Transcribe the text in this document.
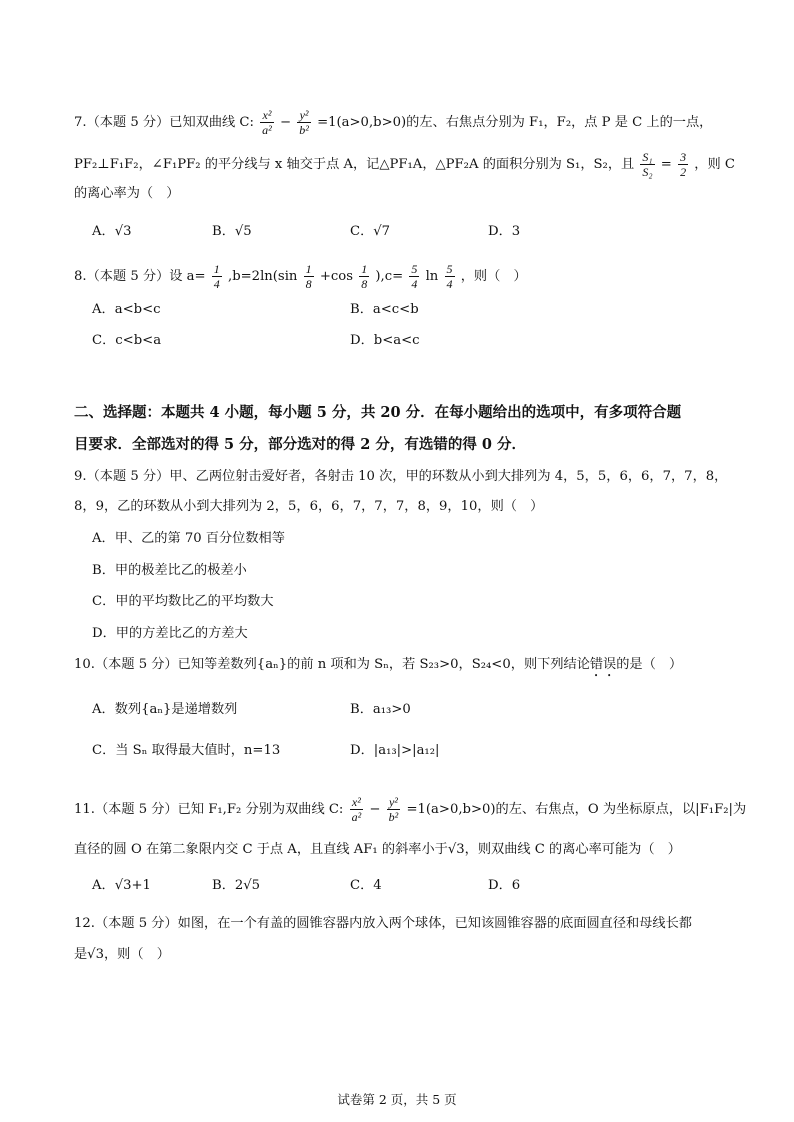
7.（本题 5 分）已知双曲线 C: $\frac{\text{x²}}{\text{a²}} - \frac{\text{y²}}{\text{b²}} =1(a>0,b>0)$的左、右焦点分别为 F₁，F₂，点 P 是 C 上的一点，
PF₂⊥F₁F₂，∠F₁PF₂ 的平分线与 x 轴交于点 A，记△PF₁A，△PF₂A 的面积分别为 S₁，S₂，且 $\frac{\text{S₁}}{\text{S₂}} = \frac{3}{2}$ ，则 C
的离心率为（　）
A．√3	B．√5	C．√7	D．3
8.（本题 5 分）设 $a= \frac{1}{4} ,b=2\ln(\sin \frac{1}{8} +\cos \frac{1}{8} ),c= \frac{5}{4}$ $\ln \frac{5}{4}$ ，则（　）
A．a<b<c	B．a<c<b
C．c<b<a	D．b<a<c
二、选择题：本题共 4 小题，每小题 5 分，共 20 分．在每小题给出的选项中，有多项符合题
目要求．全部选对的得 5 分，部分选对的得 2 分，有选错的得 0 分．
9.（本题 5 分）甲、乙两位射击爱好者，各射击 10 次，甲的环数从小到大排列为 4，5，5，6，6，7，7，8，
8，9，乙的环数从小到大排列为 2，5，6，6，7，7，7，8，9，10，则（　）
A．甲、乙的第 70 百分位数相等
B．甲的极差比乙的极差小
C．甲的平均数比乙的平均数大
D．甲的方差比乙的方差大
10.（本题 5 分）已知等差数列{aₙ}的前 n 项和为 Sₙ，若 S₂₃>0，S₂₄<0，则下列结论错误的是（　）
A．数列{aₙ}是递增数列	B．a₁₃>0
C．当 Sₙ 取得最大值时，n=13	D．|a₁₃|>|a₁₂|
11.（本题 5 分）已知 F₁,F₂ 分别为双曲线 C: $\frac{\text{x²}}{\text{a²}} - \frac{\text{y²}}{\text{b²}} =1(a>0,b>0)$的左、右焦点，O 为坐标原点，以|F₁F₂|为
直径的圆 O 在第二象限内交 C 于点 A，且直线 AF₁ 的斜率小于√3，则双曲线 C 的离心率可能为（　）
A．√3+1	B．2√5	C．4	D．6
12.（本题 5 分）如图，在一个有盖的圆锥容器内放入两个球体，已知该圆锥容器的底面圆直径和母线长都
是√3，则（　）
试卷第 2 页，共 5 页
